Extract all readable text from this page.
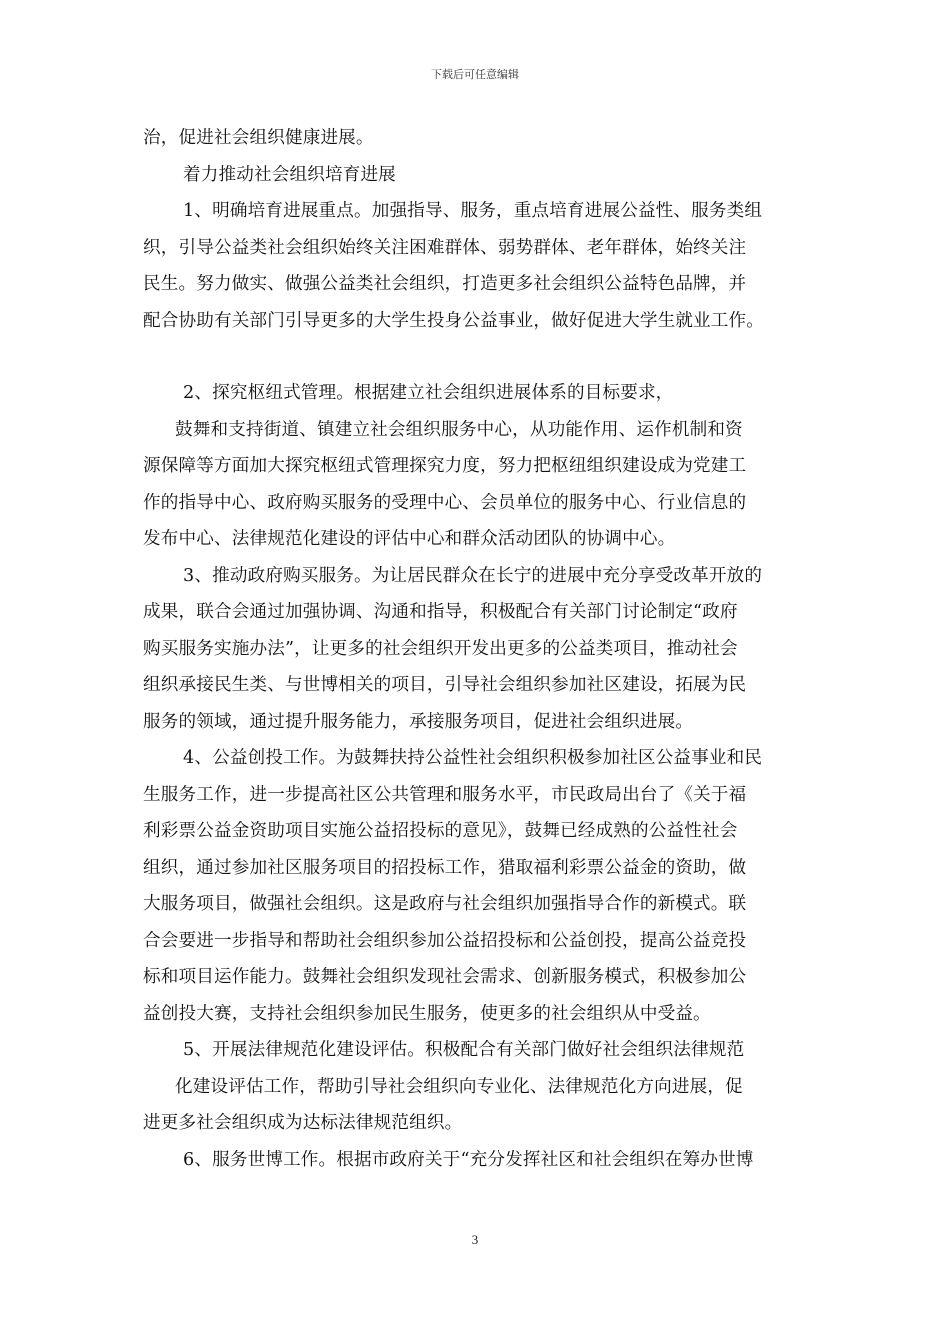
下载后可任意编辑
治，促进社会组织健康进展。
着力推动社会组织培育进展
1、明确培育进展重点。加强指导、服务，重点培育进展公益性、服务类组
织，引导公益类社会组织始终关注困难群体、弱势群体、老年群体，始终关注
民生。努力做实、做强公益类社会组织，打造更多社会组织公益特色品牌，并
配合协助有关部门引导更多的大学生投身公益事业，做好促进大学生就业工作。
2、探究枢纽式管理。根据建立社会组织进展体系的目标要求，
鼓舞和支持街道、镇建立社会组织服务中心，从功能作用、运作机制和资
源保障等方面加大探究枢纽式管理探究力度，努力把枢纽组织建设成为党建工
作的指导中心、政府购买服务的受理中心、会员单位的服务中心、行业信息的
发布中心、法律规范化建设的评估中心和群众活动团队的协调中心。
3、推动政府购买服务。为让居民群众在长宁的进展中充分享受改革开放的
成果，联合会通过加强协调、沟通和指导，积极配合有关部门讨论制定“政府
购买服务实施办法”，让更多的社会组织开发出更多的公益类项目，推动社会
组织承接民生类、与世博相关的项目，引导社会组织参加社区建设，拓展为民
服务的领域，通过提升服务能力，承接服务项目，促进社会组织进展。
4、公益创投工作。为鼓舞扶持公益性社会组织积极参加社区公益事业和民
生服务工作，进一步提高社区公共管理和服务水平，市民政局出台了《关于福
利彩票公益金资助项目实施公益招投标的意见》，鼓舞已经成熟的公益性社会
组织，通过参加社区服务项目的招投标工作，猎取福利彩票公益金的资助，做
大服务项目，做强社会组织。这是政府与社会组织加强指导合作的新模式。联
合会要进一步指导和帮助社会组织参加公益招投标和公益创投，提高公益竞投
标和项目运作能力。鼓舞社会组织发现社会需求、创新服务模式，积极参加公
益创投大赛，支持社会组织参加民生服务，使更多的社会组织从中受益。
5、开展法律规范化建设评估。积极配合有关部门做好社会组织法律规范
化建设评估工作，帮助引导社会组织向专业化、法律规范化方向进展，促
进更多社会组织成为达标法律规范组织。
6、服务世博工作。根据市政府关于“充分发挥社区和社会组织在筹办世博
3
